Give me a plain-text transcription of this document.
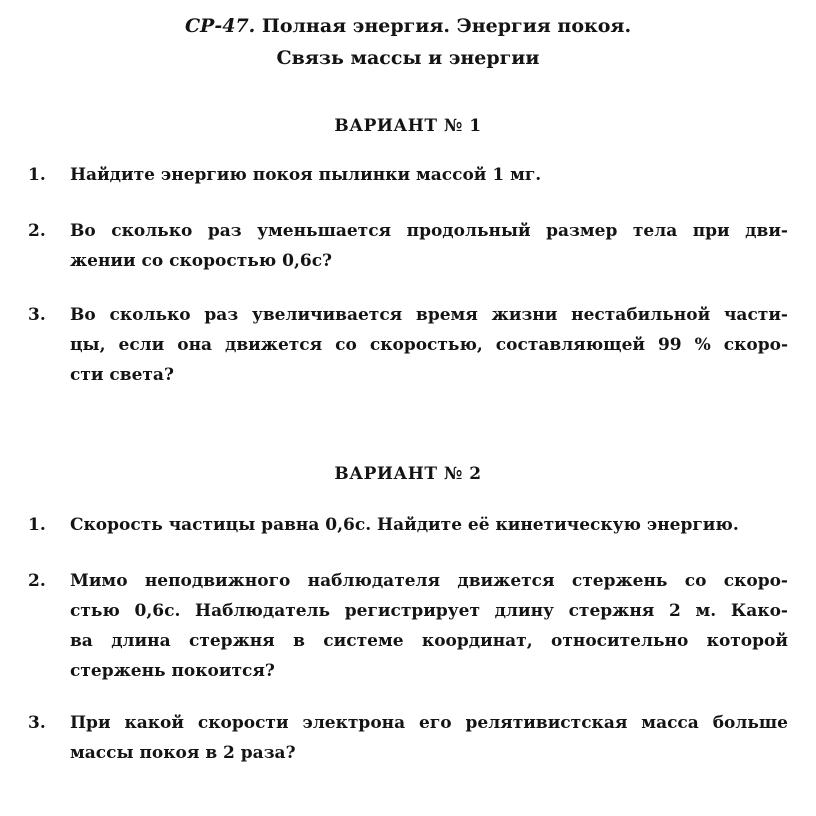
СР-47. Полная энергия. Энергия покоя.
Связь массы и энергии
ВАРИАНТ № 1
1.	Найдите энергию покоя пылинки массой 1 мг.
2.	Во сколько раз уменьшается продольный размер тела при дви-
жении со скоростью 0,6c?
3.	Во сколько раз увеличивается время жизни нестабильной части-
цы, если она движется со скоростью, составляющей 99 % скоро-
сти света?
ВАРИАНТ № 2
1.	Скорость частицы равна 0,6c. Найдите её кинетическую энергию.
2.	Мимо неподвижного наблюдателя движется стержень со скоро-
стью 0,6c. Наблюдатель регистрирует длину стержня 2 м. Како-
ва длина стержня в системе координат, относительно которой
стержень покоится?
3.	При какой скорости электрона его релятивистская масса больше
массы покоя в 2 раза?
